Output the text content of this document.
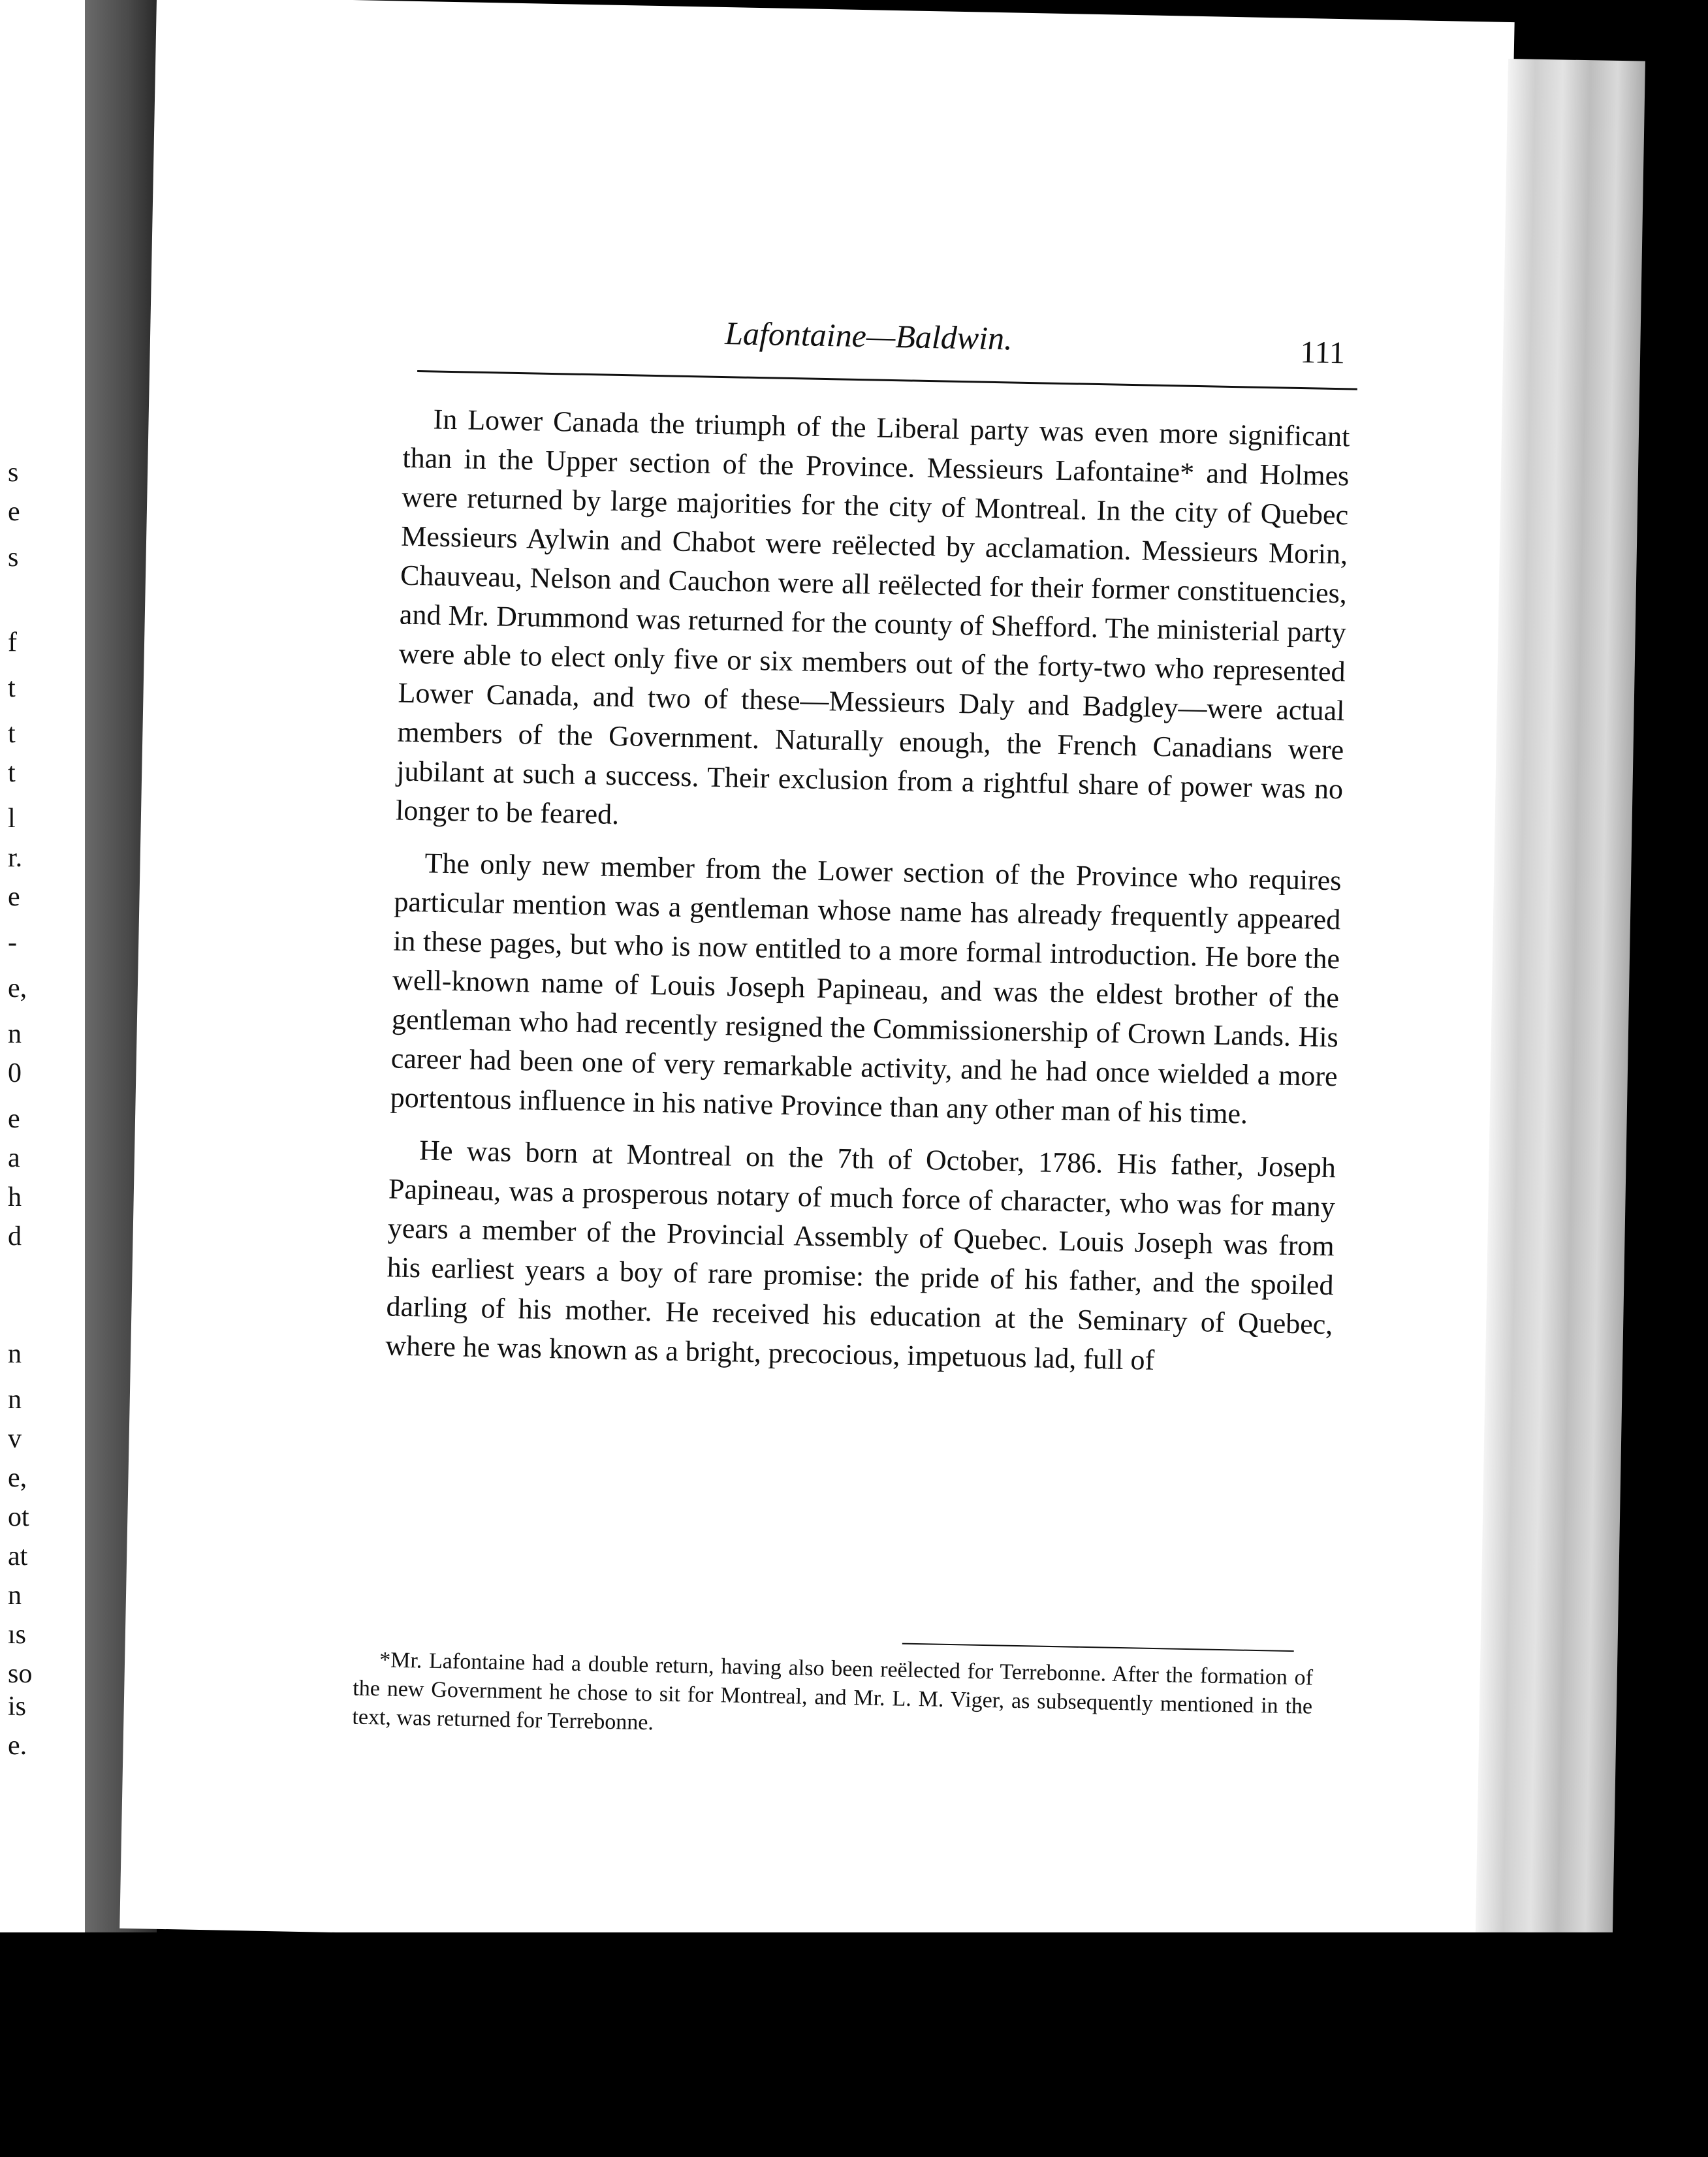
s
e
s
f
t
t
t
l
r.
e
-
e,
n
0
e
a
h
d
n
n
v
e,
ot
at
n
ıs
so
is
e.
Lafontaine—Baldwin.	111

In Lower Canada the triumph of the Liberal party was even more significant than in the Upper section of the Province. Messieurs Lafontaine* and Holmes were returned by large majorities for the city of Montreal. In the city of Quebec Messieurs Aylwin and Chabot were reëlected by acclamation. Messieurs Morin, Chauveau, Nelson and Cauchon were all reëlected for their former constituencies, and Mr. Drummond was returned for the county of Shefford. The ministerial party were able to elect only five or six members out of the forty-two who represented Lower Canada, and two of these—Messieurs Daly and Badgley—were actual members of the Government. Naturally enough, the French Canadians were jubilant at such a success. Their exclusion from a rightful share of power was no longer to be feared.

The only new member from the Lower section of the Province who requires particular mention was a gentleman whose name has already frequently appeared in these pages, but who is now entitled to a more formal introduction. He bore the well-known name of Louis Joseph Papineau, and was the eldest brother of the gentleman who had recently resigned the Commissionership of Crown Lands. His career had been one of very remarkable activity, and he had once wielded a more portentous influence in his native Province than any other man of his time.

He was born at Montreal on the 7th of October, 1786. His father, Joseph Papineau, was a prosperous notary of much force of character, who was for many years a member of the Provincial Assembly of Quebec. Louis Joseph was from his earliest years a boy of rare promise: the pride of his father, and the spoiled darling of his mother. He received his education at the Seminary of Quebec, where he was known as a bright, precocious, impetuous lad, full of

*Mr. Lafontaine had a double return, having also been reëlected for Terrebonne. After the formation of the new Government he chose to sit for Montreal, and Mr. L. M. Viger, as subsequently mentioned in the text, was returned for Terrebonne.
